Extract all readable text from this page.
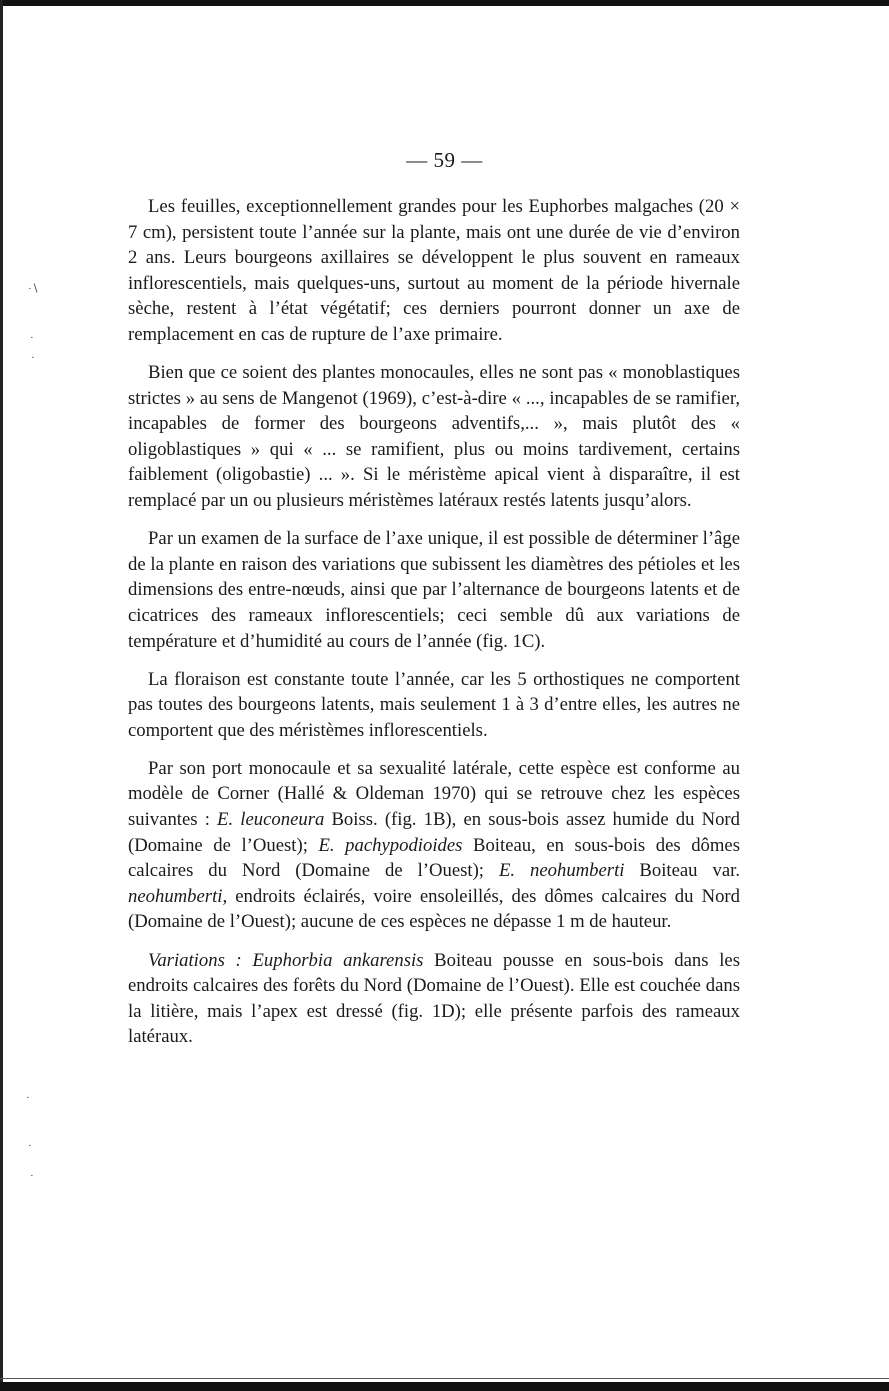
·∖
·
·
·
·
·
— 59 —

Les feuilles, exceptionnellement grandes pour les Euphorbes malgaches (20 × 7 cm), persistent toute l’année sur la plante, mais ont une durée de vie d’environ 2 ans. Leurs bourgeons axillaires se développent le plus souvent en rameaux inflorescentiels, mais quelques-uns, surtout au moment de la période hivernale sèche, restent à l’état végétatif; ces derniers pourront donner un axe de remplacement en cas de rupture de l’axe primaire.

Bien que ce soient des plantes monocaules, elles ne sont pas « monoblastiques strictes » au sens de Mangenot (1969), c’est-à-dire « ..., incapables de se ramifier, incapables de former des bourgeons adventifs,... », mais plutôt des « oligoblastiques » qui « ... se ramifient, plus ou moins tardivement, certains faiblement (oligobastie) ... ». Si le méristème apical vient à disparaître, il est remplacé par un ou plusieurs méristèmes latéraux restés latents jusqu’alors.

Par un examen de la surface de l’axe unique, il est possible de déterminer l’âge de la plante en raison des variations que subissent les diamètres des pétioles et les dimensions des entre-nœuds, ainsi que par l’alternance de bourgeons latents et de cicatrices des rameaux inflorescentiels; ceci semble dû aux variations de température et d’humidité au cours de l’année (fig. 1C).

La floraison est constante toute l’année, car les 5 orthostiques ne comportent pas toutes des bourgeons latents, mais seulement 1 à 3 d’entre elles, les autres ne comportent que des méristèmes inflorescentiels.

Par son port monocaule et sa sexualité latérale, cette espèce est conforme au modèle de Corner (Hallé & Oldeman 1970) qui se retrouve chez les espèces suivantes : E. leuconeura Boiss. (fig. 1B), en sous-bois assez humide du Nord (Domaine de l’Ouest); E. pachypodioides Boiteau, en sous-bois des dômes calcaires du Nord (Domaine de l’Ouest); E. neohumberti Boiteau var. neohumberti, endroits éclairés, voire ensoleillés, des dômes calcaires du Nord (Domaine de l’Ouest); aucune de ces espèces ne dépasse 1 m de hauteur.

Variations : Euphorbia ankarensis Boiteau pousse en sous-bois dans les endroits calcaires des forêts du Nord (Domaine de l’Ouest). Elle est couchée dans la litière, mais l’apex est dressé (fig. 1D); elle présente parfois des rameaux latéraux.
